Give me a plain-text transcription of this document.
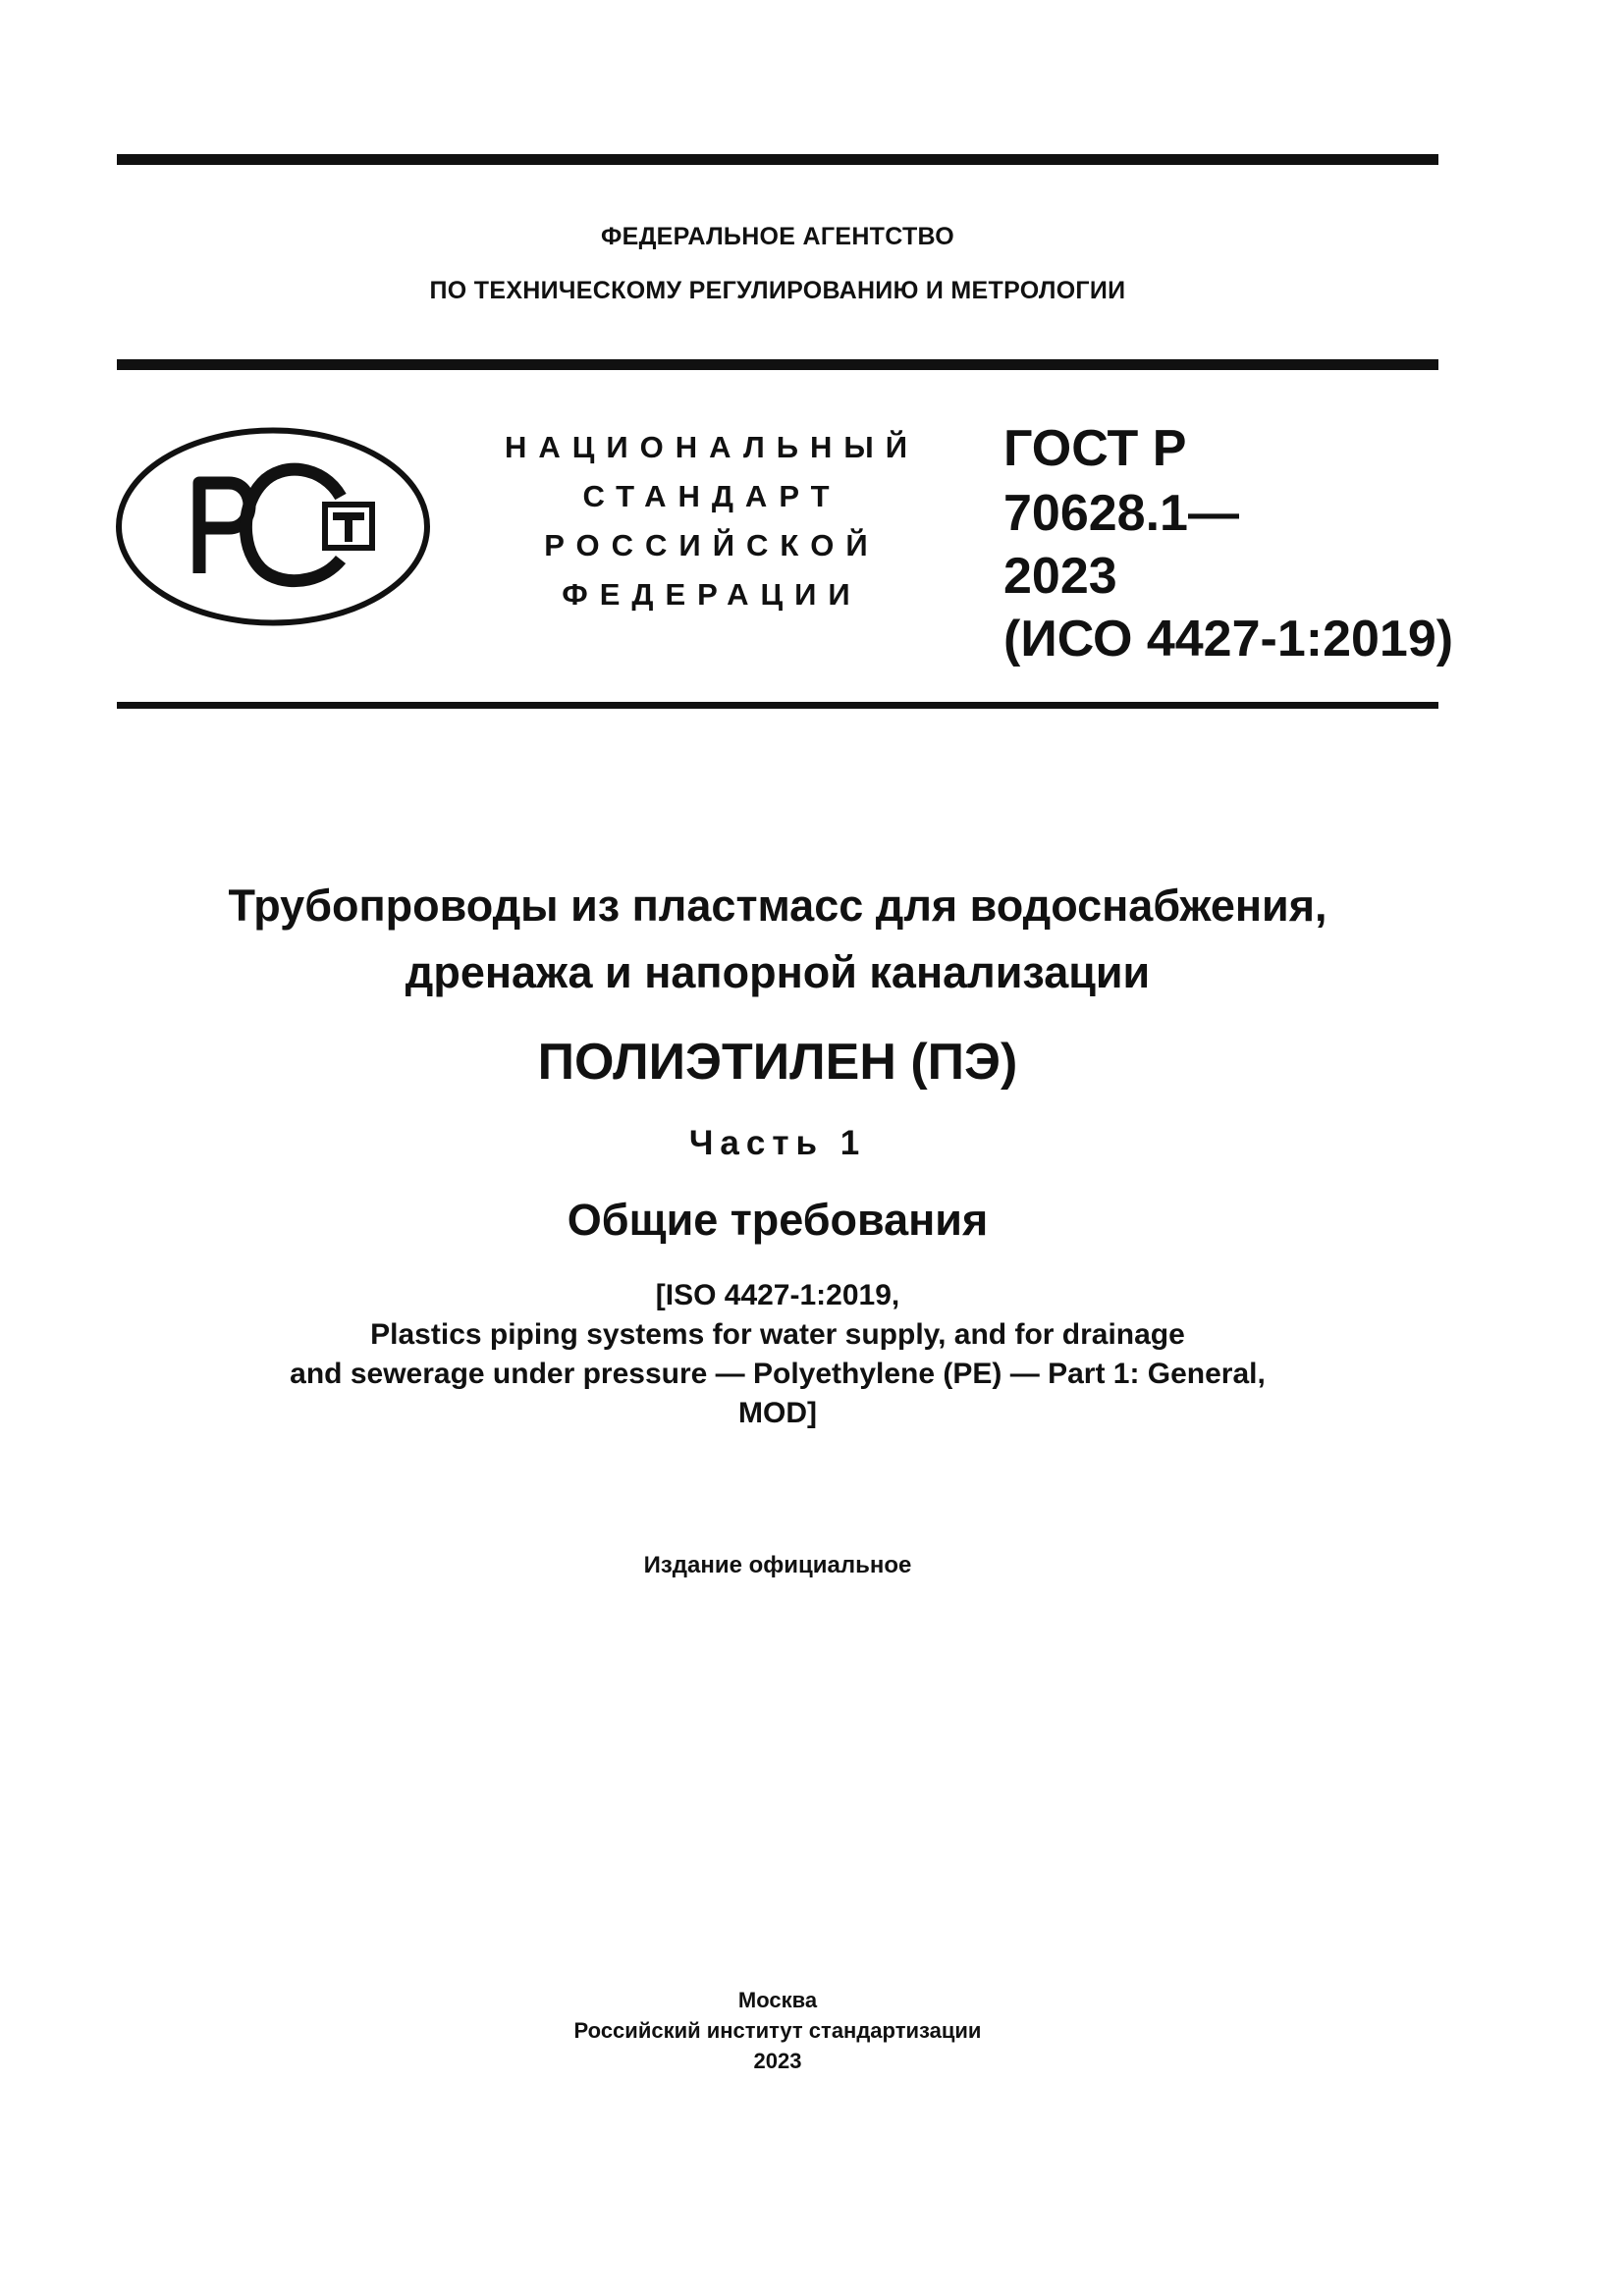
ФЕДЕРАЛЬНОЕ АГЕНТСТВО
ПО ТЕХНИЧЕСКОМУ РЕГУЛИРОВАНИЮ И МЕТРОЛОГИИ
РСТ
НАЦИОНАЛЬНЫЙ
СТАНДАРТ
РОССИЙСКОЙ
ФЕДЕРАЦИИ
ГОСТ Р
70628.1—
2023
(ИСО 4427-1:2019)
Трубопроводы из пластмасс для водоснабжения,
дренажа и напорной канализации
ПОЛИЭТИЛЕН (ПЭ)
Часть 1
Общие требования
[ISO 4427-1:2019,
Plastics piping systems for water supply, and for drainage
and sewerage under pressure — Polyethylene (PE) — Part 1: General,
MOD]
Издание официальное
Москва
Российский институт стандартизации
2023
